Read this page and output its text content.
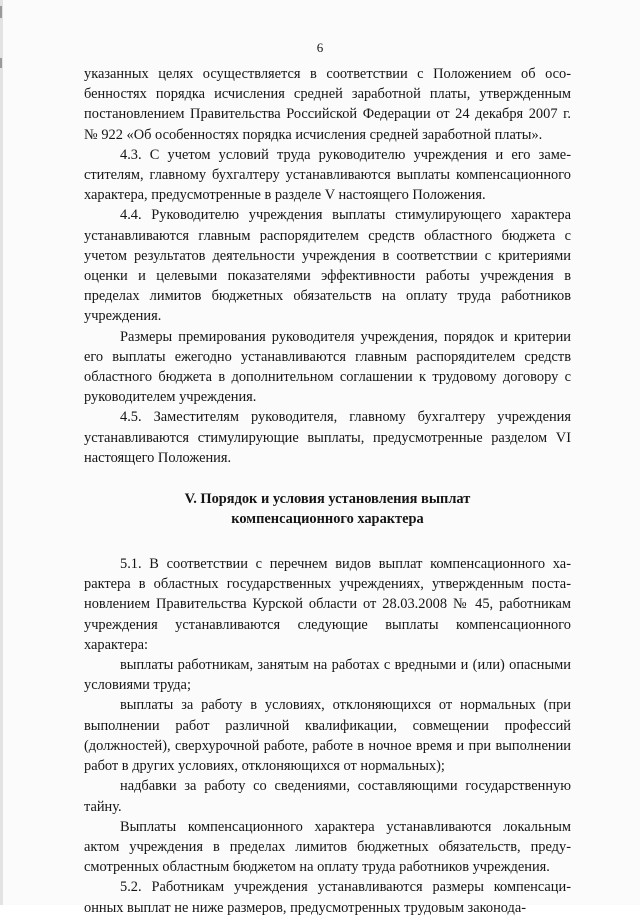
6

указанных целях осуществляется в соответствии с Положением об особенностях порядка исчисления средней заработной платы, утвержденным постановлением Правительства Российской Федерации от 24 декабря 2007 г. № 922 «Об особенностях порядка исчисления средней заработной платы».

4.3. С учетом условий труда руководителю учреждения и его заместителям, главному бухгалтеру устанавливаются выплаты компенсационного характера, предусмотренные в разделе V настоящего Положения.

4.4. Руководителю учреждения выплаты стимулирующего характера устанавливаются главным распорядителем средств областного бюджета с учетом результатов деятельности учреждения в соответствии с критериями оценки и целевыми показателями эффективности работы учреждения в пределах лимитов бюджетных обязательств на оплату труда работников учреждения.

Размеры премирования руководителя учреждения, порядок и критерии его выплаты ежегодно устанавливаются главным распорядителем средств областного бюджета в дополнительном соглашении к трудовому договору с руководителем учреждения.

4.5. Заместителям руководителя, главному бухгалтеру учреждения устанавливаются стимулирующие выплаты, предусмотренные разделом VI настоящего Положения.

V. Порядок и условия установления выплат
компенсационного характера

5.1. В соответствии с перечнем видов выплат компенсационного характера в областных государственных учреждениях, утвержденным постановлением Правительства Курской области от 28.03.2008 № 45, работникам учреждения устанавливаются следующие выплаты компенсационного характера:

выплаты работникам, занятым на работах с вредными и (или) опасными условиями труда;

выплаты за работу в условиях, отклоняющихся от нормальных (при выполнении работ различной квалификации, совмещении профессий (должностей), сверхурочной работе, работе в ночное время и при выполнении работ в других условиях, отклоняющихся от нормальных);

надбавки за работу со сведениями, составляющими государственную тайну.

Выплаты компенсационного характера устанавливаются локальным актом учреждения в пределах лимитов бюджетных обязательств, предусмотренных областным бюджетом на оплату труда работников учреждения.

5.2. Работникам учреждения устанавливаются размеры компенсационных выплат не ниже размеров, предусмотренных трудовым законода-
